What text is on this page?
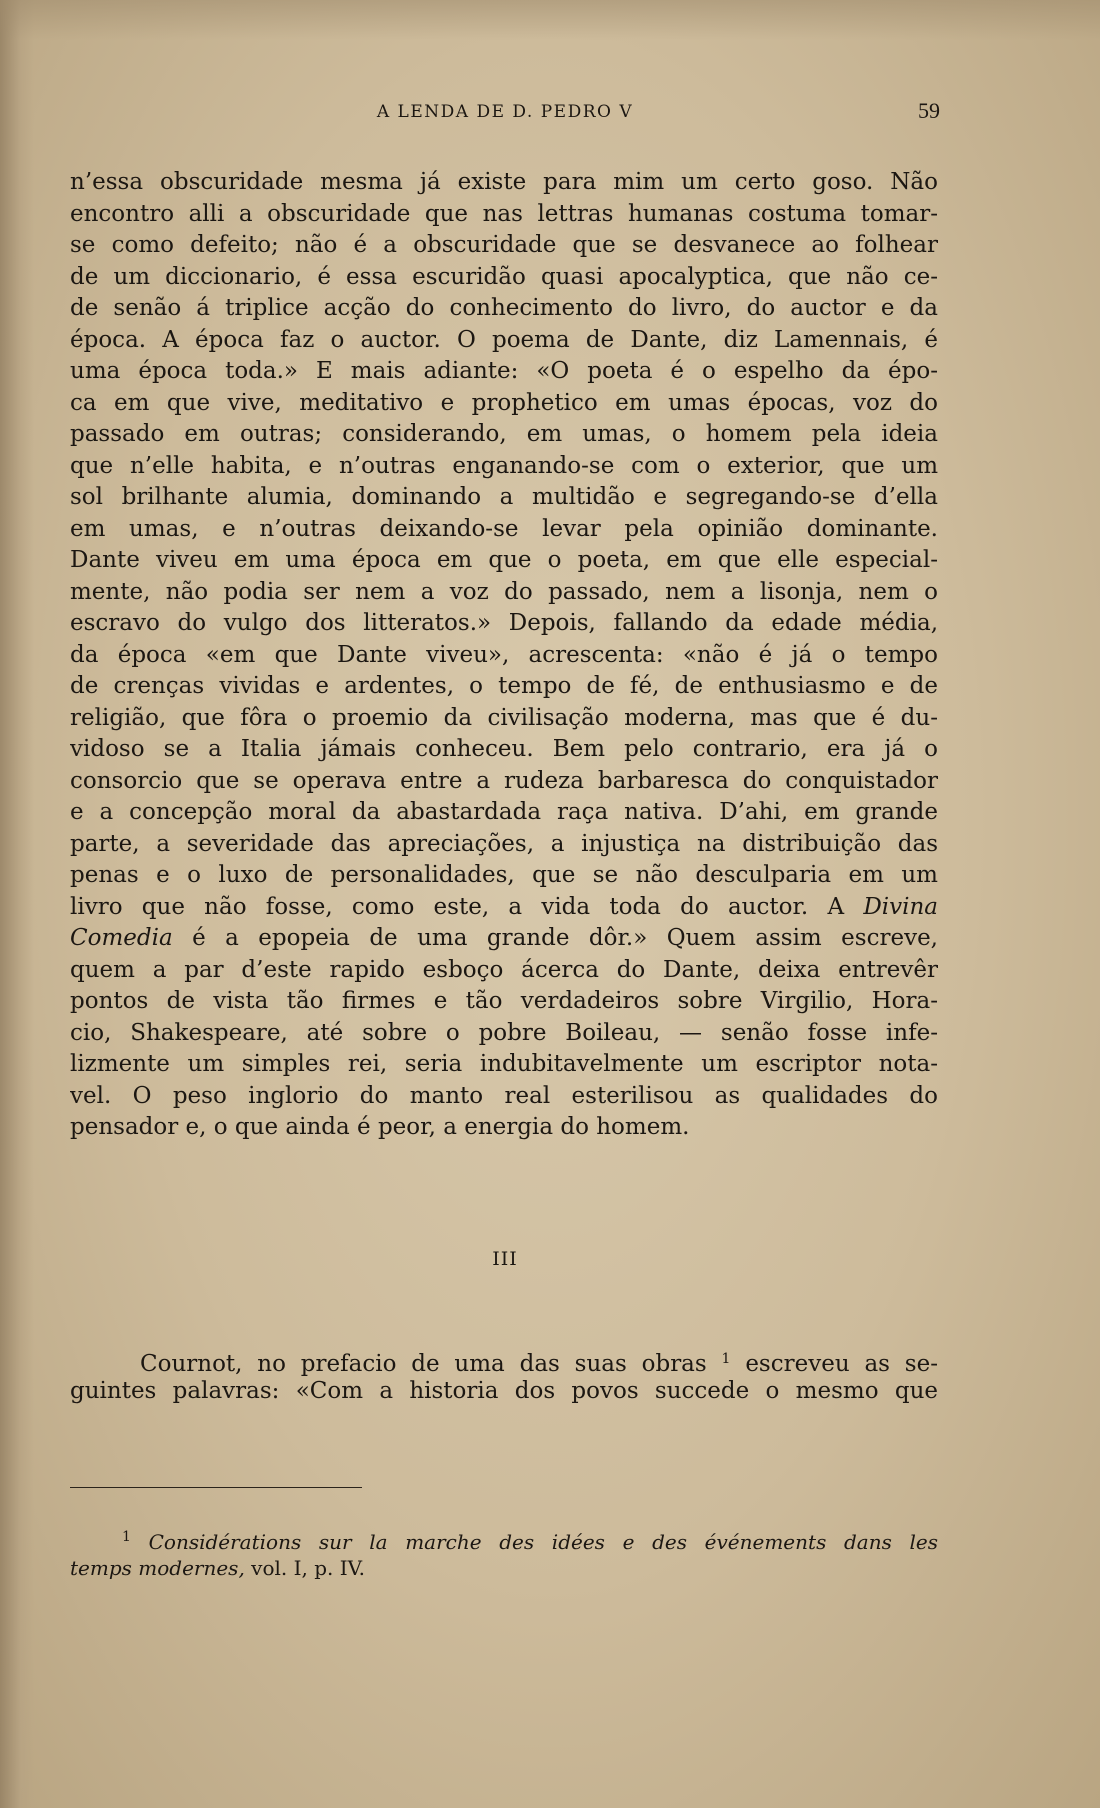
A LENDA DE D. PEDRO V	59
n’essa obscuridade mesma já existe para mim um certo goso. Não
encontro alli a obscuridade que nas lettras humanas costuma tomar-
se como defeito; não é a obscuridade que se desvanece ao folhear
de um diccionario, é essa escuridão quasi apocalyptica, que não ce-
de senão á triplice acção do conhecimento do livro, do auctor e da
época. A época faz o auctor. O poema de Dante, diz Lamennais, é
uma época toda.» E mais adiante: «O poeta é o espelho da épo-
ca em que vive, meditativo e prophetico em umas épocas, voz do
passado em outras; considerando, em umas, o homem pela ideia
que n’elle habita, e n’outras enganando-se com o exterior, que um
sol brilhante alumia, dominando a multidão e segregando-se d’ella
em umas, e n’outras deixando-se levar pela opinião dominante.
Dante viveu em uma época em que o poeta, em que elle especial-
mente, não podia ser nem a voz do passado, nem a lisonja, nem o
escravo do vulgo dos litteratos.» Depois, fallando da edade média,
da época «em que Dante viveu», acrescenta: «não é já o tempo
de crenças vividas e ardentes, o tempo de fé, de enthusiasmo e de
religião, que fôra o proemio da civilisação moderna, mas que é du-
vidoso se a Italia jámais conheceu. Bem pelo contrario, era já o
consorcio que se operava entre a rudeza barbaresca do conquistador
e a concepção moral da abastardada raça nativa. D’ahi, em grande
parte, a severidade das apreciações, a injustiça na distribuição das
penas e o luxo de personalidades, que se não desculparia em um
livro que não fosse, como este, a vida toda do auctor. A Divina
Comedia é a epopeia de uma grande dôr.» Quem assim escreve,
quem a par d’este rapido esboço ácerca do Dante, deixa entrevêr
pontos de vista tão firmes e tão verdadeiros sobre Virgilio, Hora-
cio, Shakespeare, até sobre o pobre Boileau, — senão fosse infe-
lizmente um simples rei, seria indubitavelmente um escriptor nota-
vel. O peso inglorio do manto real esterilisou as qualidades do
pensador e, o que ainda é peor, a energia do homem.
III
Cournot, no prefacio de uma das suas obras $^1$ escreveu as se-
guintes palavras: «Com a historia dos povos succede o mesmo que
$^1$ Considérations sur la marche des idées e des événements dans les
temps modernes, vol. I, p. IV.
